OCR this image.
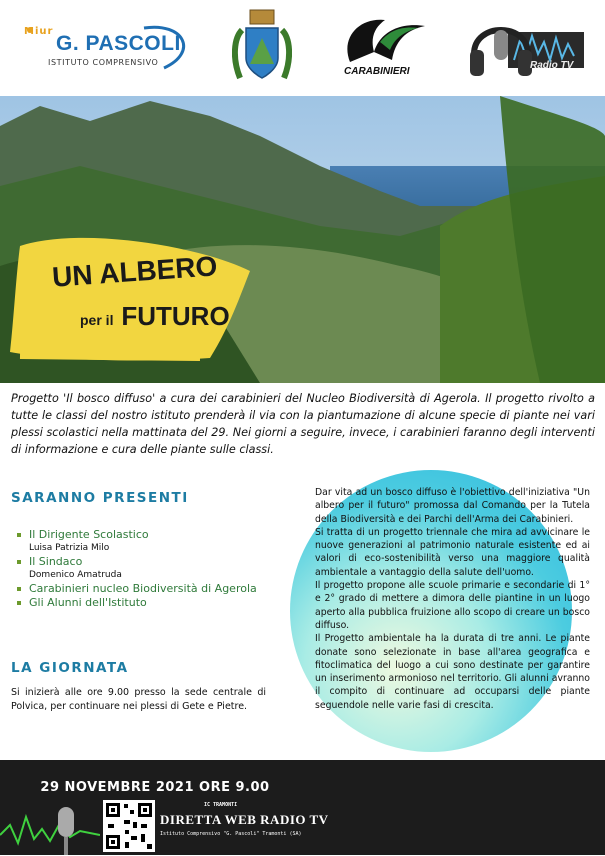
Miur
G. PASCOLI
ISTITUTO COMPRENSIVO
CARABINIERI
Radio TV
UN ALBERO
per il FUTURO
Progetto 'Il bosco diffuso' a cura dei carabinieri del Nucleo Biodiversità di Agerola. Il progetto rivolto a tutte le classi del nostro istituto prenderà il via con la piantumazione di alcune specie di piante nei vari plessi scolastici nella mattinata del 29. Nei giorni a seguire, invece, i carabinieri faranno degli interventi di informazione e cura delle piante sulle classi.
SARANNO PRESENTI
Il Dirigente Scolastico
Luisa Patrizia Milo
Il Sindaco
Domenico Amatruda
Carabinieri nucleo Biodiversità di Agerola
Gli Alunni dell'Istituto
LA GIORNATA
Si inizierà alle ore 9.00 presso la sede centrale di Polvica, per continuare nei plessi di Gete e Pietre.

Dar vita ad un bosco diffuso è l'obiettivo dell'iniziativa "Un albero per il futuro" promossa dal Comando per la Tutela della Biodiversità e dei Parchi dell'Arma dei Carabinieri.

Si tratta di un progetto triennale che mira ad avvicinare le nuove generazioni al patrimonio naturale esistente ed ai valori di eco-sostenibilità verso una maggiore qualità ambientale a vantaggio della salute dell'uomo.

Il progetto propone alle scuole primarie e secondarie di 1° e 2° grado di mettere a dimora delle piantine in un luogo aperto alla pubblica fruizione allo scopo di creare un bosco diffuso.

Il Progetto ambientale ha la durata di tre anni. Le piante donate sono selezionate in base all'area geografica e fitoclimatica del luogo a cui sono destinate per garantire un inserimento armonioso nel territorio. Gli alunni avranno il compito di continuare ad occuparsi delle piante seguendole nelle varie fasi di crescita.

29 NOVEMBRE 2021 ORE 9.00
IC TRAMONTI
DIRETTA WEB RADIO TV
Istituto Comprensivo "G. Pascoli" Tramonti (SA)
